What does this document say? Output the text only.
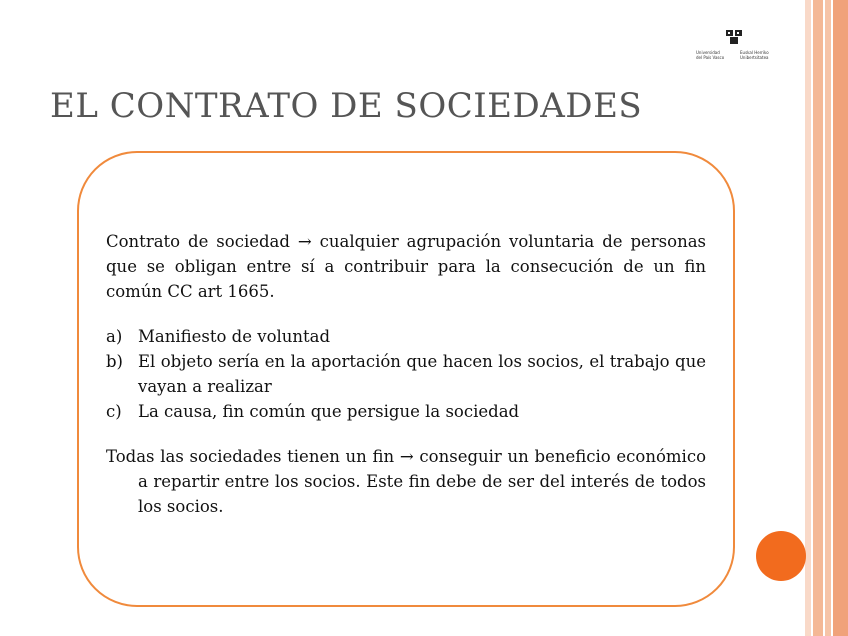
Universidad
del País Vasco
Euskal Herriko
Unibertsitatea
EL CONTRATO DE SOCIEDADES
Contrato de sociedad → cualquier agrupación voluntaria de personas que se obligan entre sí a contribuir para la consecución de un fin común CC art 1665.
a) Manifiesto de voluntad
b) El objeto sería en la aportación que hacen los socios, el trabajo que vayan a realizar
c) La causa, fin común que persigue la sociedad
Todas las sociedades tienen un fin → conseguir un beneficio económico a repartir entre los socios. Este fin debe de ser del interés de todos los socios.
